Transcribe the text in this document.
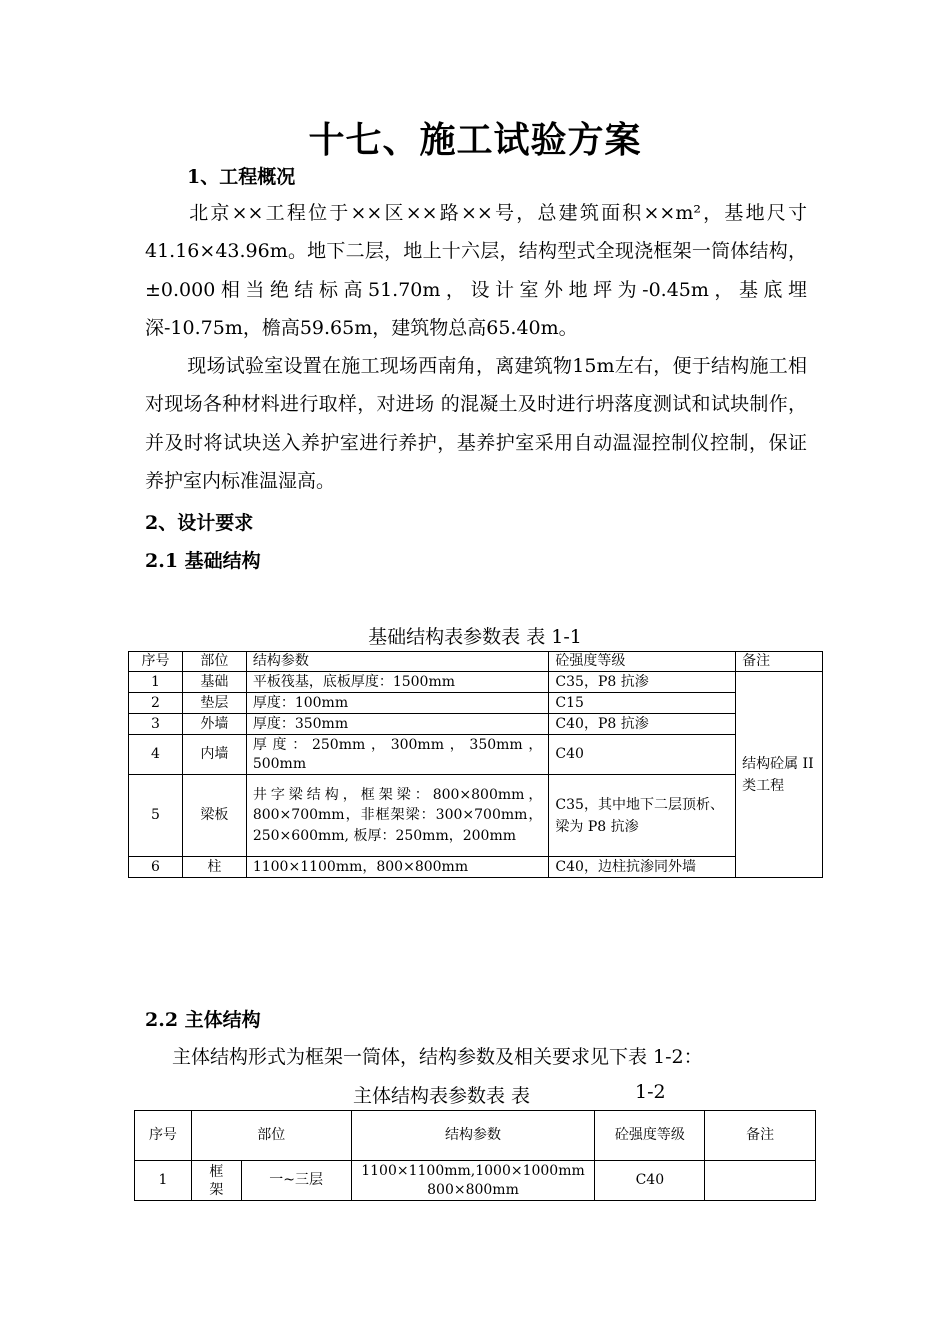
十七、施工试验方案
1、工程概况
北京××工程位于××区××路××号，总建筑面积××m²，基地尺寸41.16×43.96m。地下二层，地上十六层，结构型式全现浇框架一筒体结构，±0.000相当绝结标高51.70m，设计室外地坪为-0.45m，基底埋深-10.75m，檐高59.65m，建筑物总高65.40m。
现场试验室设置在施工现场西南角，离建筑物15m左右，便于结构施工相对现场各种材料进行取样，对进场 的混凝土及时进行坍落度测试和试块制作，并及时将试块送入养护室进行养护，基养护室采用自动温湿控制仪控制，保证养护室内标准温湿高。
2、设计要求
2.1 基础结构
基础结构表参数表 表 1-1
序号	部位	结构参数	砼强度等级	备注
1	基础	平板筏基，底板厚度：1500mm	C35，P8 抗渗	结构砼属 II 类工程
2	垫层	厚度：100mm	C15	
3	外墙	厚度：350mm	C40，P8 抗渗	
4	内墙	厚度：250mm，300mm，350mm，500mm	C40	
5	梁板	井字梁结构，框架梁：800×800mm，800×700mm，非框架梁：300×700mm，250×600mm, 板厚：250mm，200mm	C35，其中地下二层顶析、梁为 P8 抗渗	
6	柱	1100×1100mm，800×800mm	C40，边柱抗渗同外墙	
2.2 主体结构
主体结构形式为框架一筒体，结构参数及相关要求见下表 1-2：
主体结构表参数表 表	1-2
序号	部位		结构参数	砼强度等级	备注
1	框架	一~三层	1100×1100mm,1000×1000mm
800×800mm	C40	
